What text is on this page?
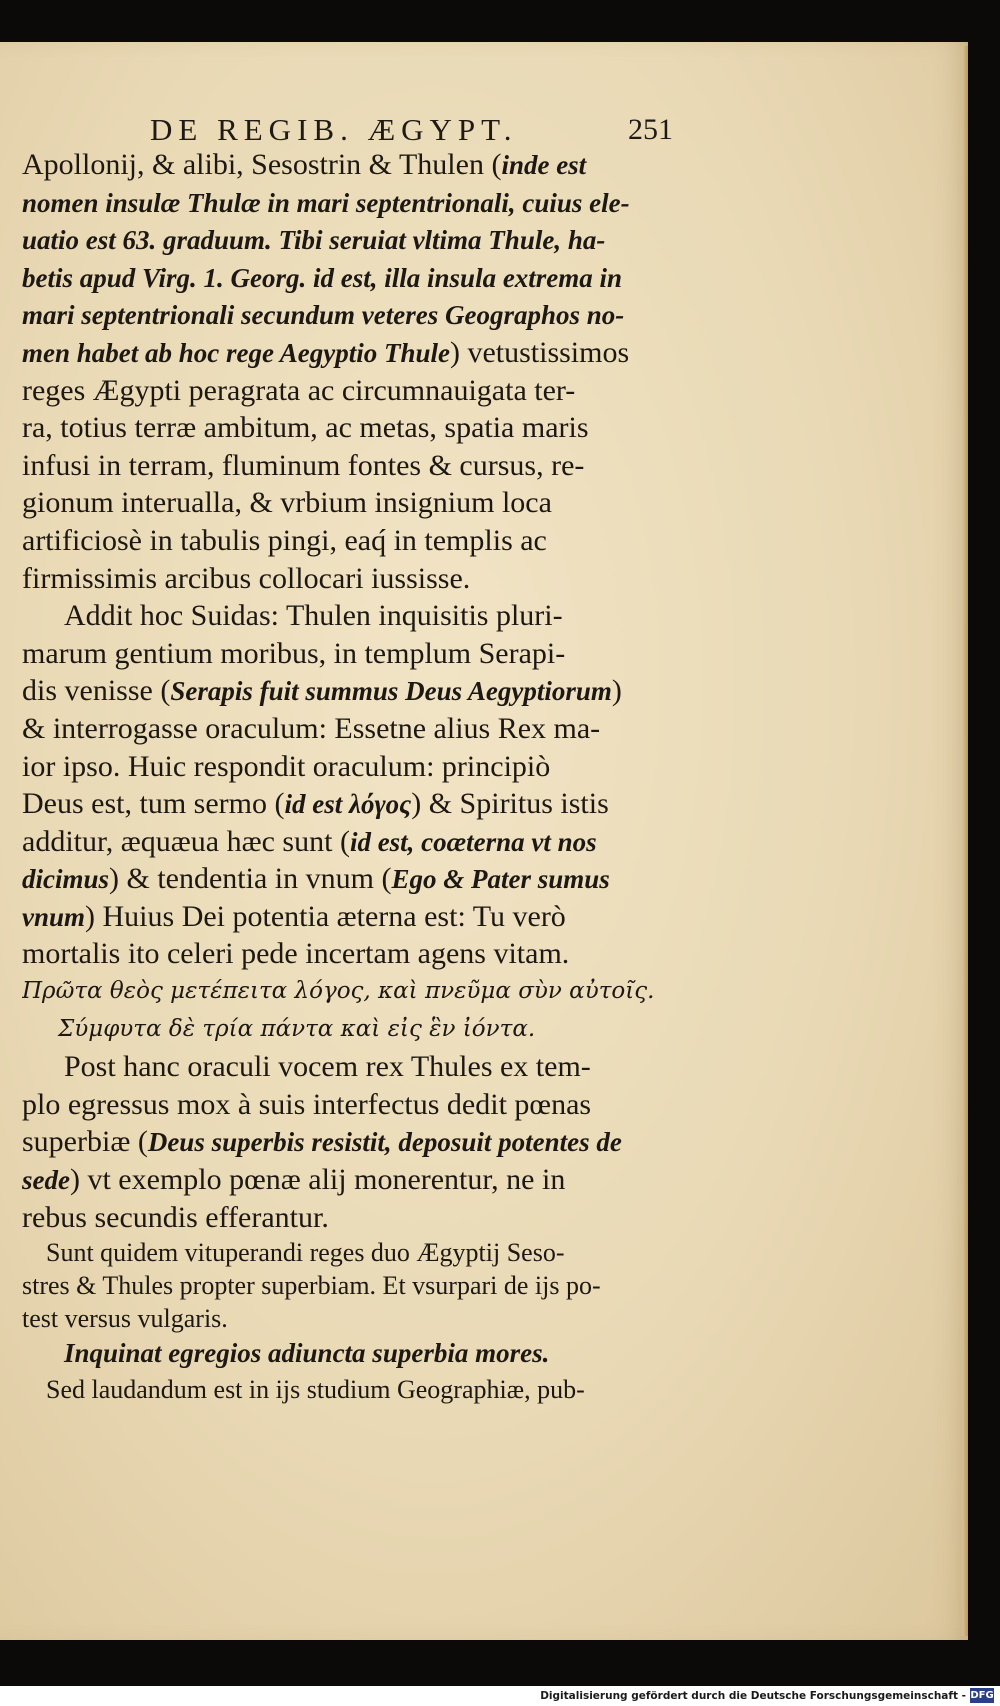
DE REGIB. ÆGYPT.	251
Apollonij, & alibi, Sesostrin & Thulen (inde est
nomen insulæ Thulæ in mari septentrionali, cuius ele-
uatio est 63. graduum. Tibi seruiat vltima Thule, ha-
betis apud Virg. 1. Georg. id est, illa insula extrema in
mari septentrionali secundum veteres Geographos no-
men habet ab hoc rege Aegyptio Thule) vetustissimos
reges Ægypti peragrata ac circumnauigata ter-
ra, totius terræ ambitum, ac metas, spatia maris
infusi in terram, fluminum fontes & cursus, re-
gionum interualla, & vrbium insignium loca
artificiosè in tabulis pingi, eaq́ in templis ac
firmissimis arcibus collocari iussisse.
Addit hoc Suidas: Thulen inquisitis pluri-
marum gentium moribus, in templum Serapi-
dis venisse (Serapis fuit summus Deus Aegyptiorum)
& interrogasse oraculum: Essetne alius Rex ma-
ior ipso. Huic respondit oraculum: principiò
Deus est, tum sermo (id est λόγος) & Spiritus istis
additur, æquæua hæc sunt (id est, coæterna vt nos
dicimus) & tendentia in vnum (Ego & Pater sumus
vnum) Huius Dei potentia æterna est: Tu verò
mortalis ito celeri pede incertam agens vitam.
Πρῶτα θεὸς μετέπειτα λόγος, καὶ πνεῦμα σὺν αὐτοῖς.
Σύμφυτα δὲ τρία πάντα καὶ εἰς ἓν ἰόντα.
Post hanc oraculi vocem rex Thules ex tem-
plo egressus mox à suis interfectus dedit pœnas
superbiæ (Deus superbis resistit, deposuit potentes de
sede) vt exemplo pœnæ alij monerentur, ne in
rebus secundis efferantur.
Sunt quidem vituperandi reges duo Ægyptij Seso-
stres & Thules propter superbiam. Et vsurpari de ijs po-
test versus vulgaris.
Inquinat egregios adiuncta superbia mores.
Sed laudandum est in ijs studium Geographiæ, pub-
Digitalisierung gefördert durch die Deutsche Forschungsgemeinschaft - DFG
